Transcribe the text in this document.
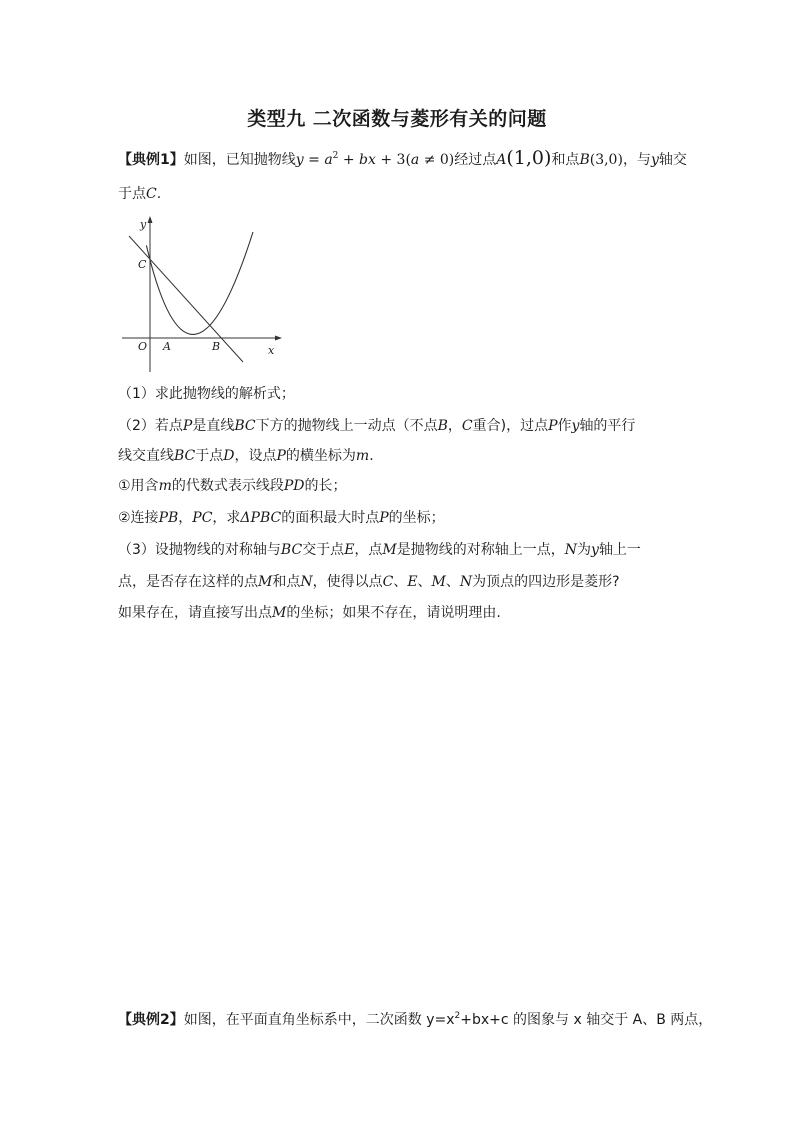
类型九 二次函数与菱形有关的问题
【典例1】如图，已知抛物线$y = a^2$ + bx + 3(a ≠ 0)经过点A(1,0)和点B(3,0)，与y轴交
于点C.
y
x
C
O A	B
（1）求此抛物线的解析式；
（2）若点P是直线BC下方的抛物线上一动点（不点B，C重合)，过点P作y轴的平行
线交直线BC于点D，设点P的横坐标为m.
①用含m的代数式表示线段PD的长；
②连接PB，PC，求ΔPBC的面积最大时点P的坐标；
（3）设抛物线的对称轴与BC交于点E，点M是抛物线的对称轴上一点，N为y轴上一
点，是否存在这样的点M和点N，使得以点C、E、M、N为顶点的四边形是菱形?
如果存在，请直接写出点M的坐标；如果不存在，请说明理由.
【典例2】如图，在平面直角坐标系中，二次函数 $y=x^2+bx+c$ 的图象与 x 轴交于 A、B 两点，
